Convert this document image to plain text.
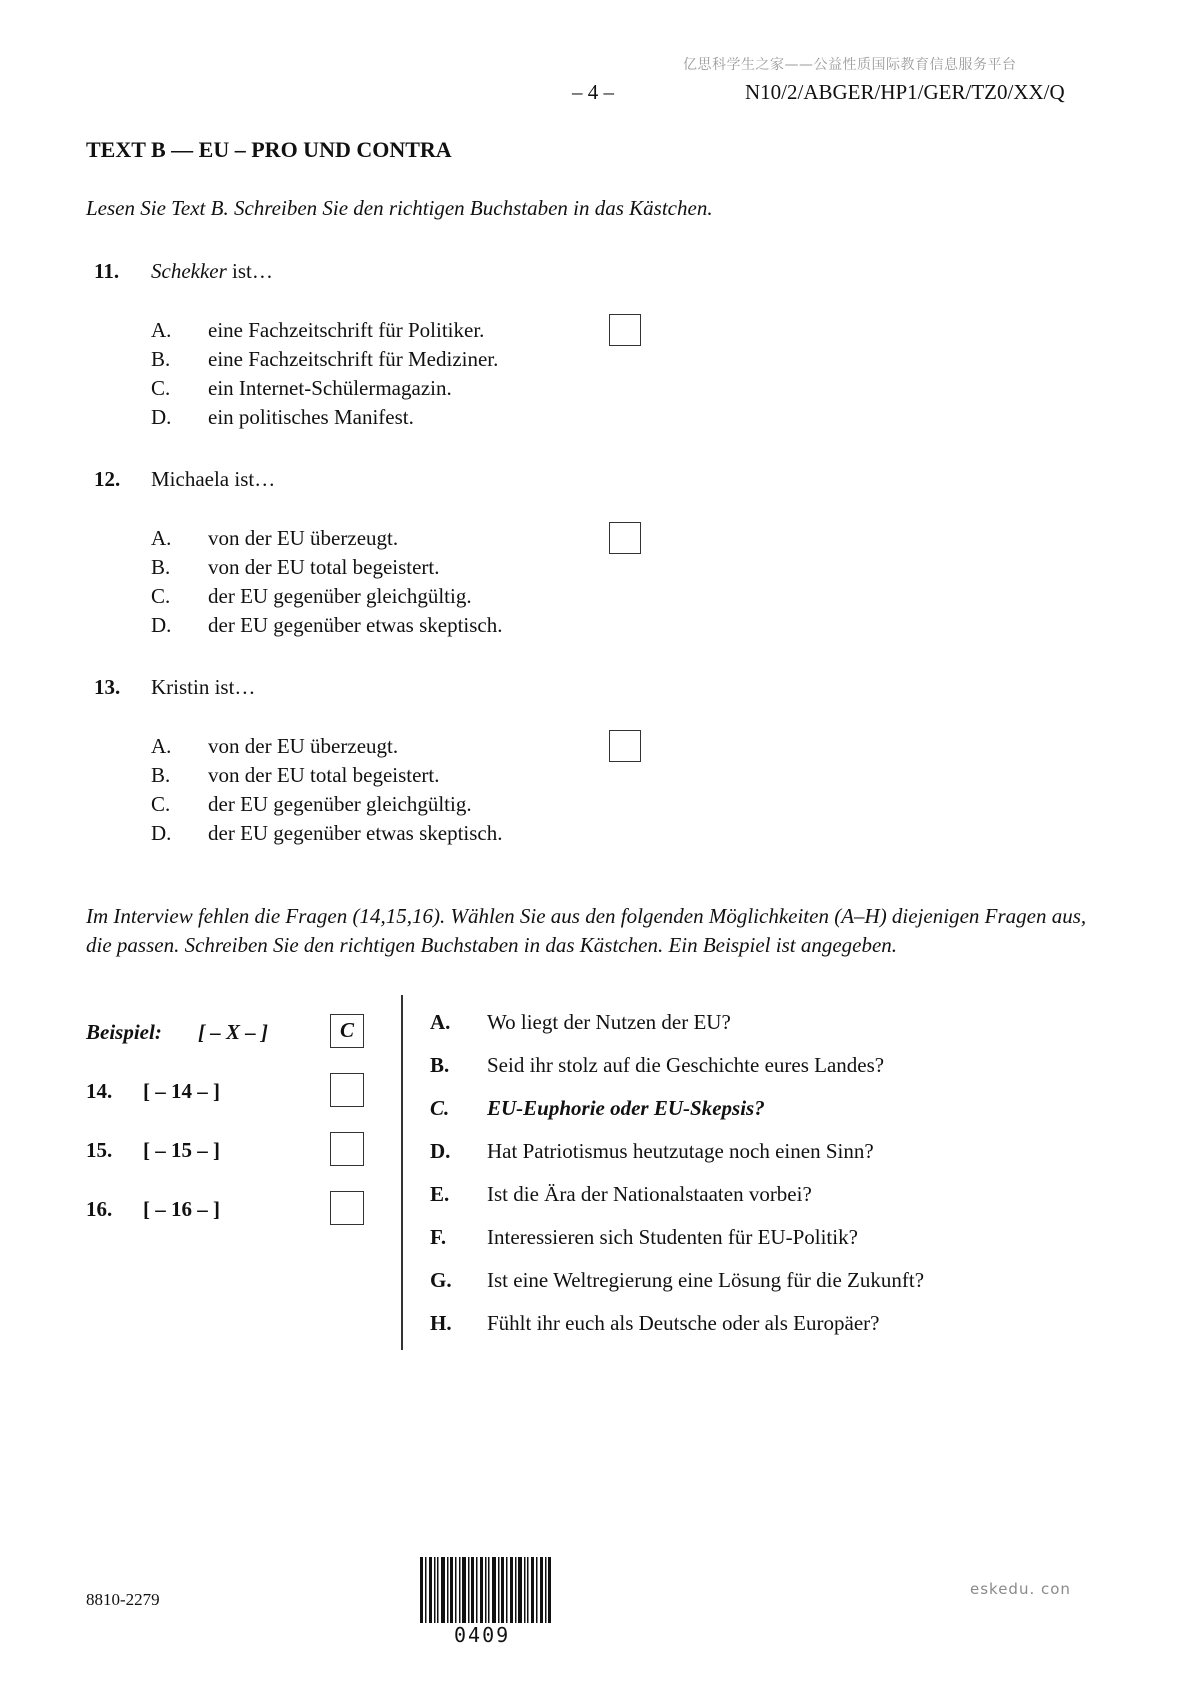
亿思科学生之家——公益性质国际教育信息服务平台
– 4 –	N10/2/ABGER/HP1/GER/TZ0/XX/Q
TEXT B — EU – PRO UND CONTRA
Lesen Sie Text B. Schreiben Sie den richtigen Buchstaben in das Kästchen.
11. Schekker ist…
A. eine Fachzeitschrift für Politiker.
B. eine Fachzeitschrift für Mediziner.
C. ein Internet-Schülermagazin.
D. ein politisches Manifest.
12. Michaela ist…
A. von der EU überzeugt.
B. von der EU total begeistert.
C. der EU gegenüber gleichgültig.
D. der EU gegenüber etwas skeptisch.
13. Kristin ist…
A. von der EU überzeugt.
B. von der EU total begeistert.
C. der EU gegenüber gleichgültig.
D. der EU gegenüber etwas skeptisch.
Im Interview fehlen die Fragen (14,15,16). Wählen Sie aus den folgenden Möglichkeiten (A–H) diejenigen Fragen aus, die passen. Schreiben Sie den richtigen Buchstaben in das Kästchen. Ein Beispiel ist angegeben.
Beispiel: [ – X – ]	C
14. [ – 14 – ]
15. [ – 15 – ]
16. [ – 16 – ]
A. Wo liegt der Nutzen der EU?
B. Seid ihr stolz auf die Geschichte eures Landes?
C. EU-Euphorie oder EU-Skepsis?
D. Hat Patriotismus heutzutage noch einen Sinn?
E. Ist die Ära der Nationalstaaten vorbei?
F. Interessieren sich Studenten für EU-Politik?
G. Ist eine Weltregierung eine Lösung für die Zukunft?
H. Fühlt ihr euch als Deutsche oder als Europäer?
8810-2279
0409
eskedu. con
